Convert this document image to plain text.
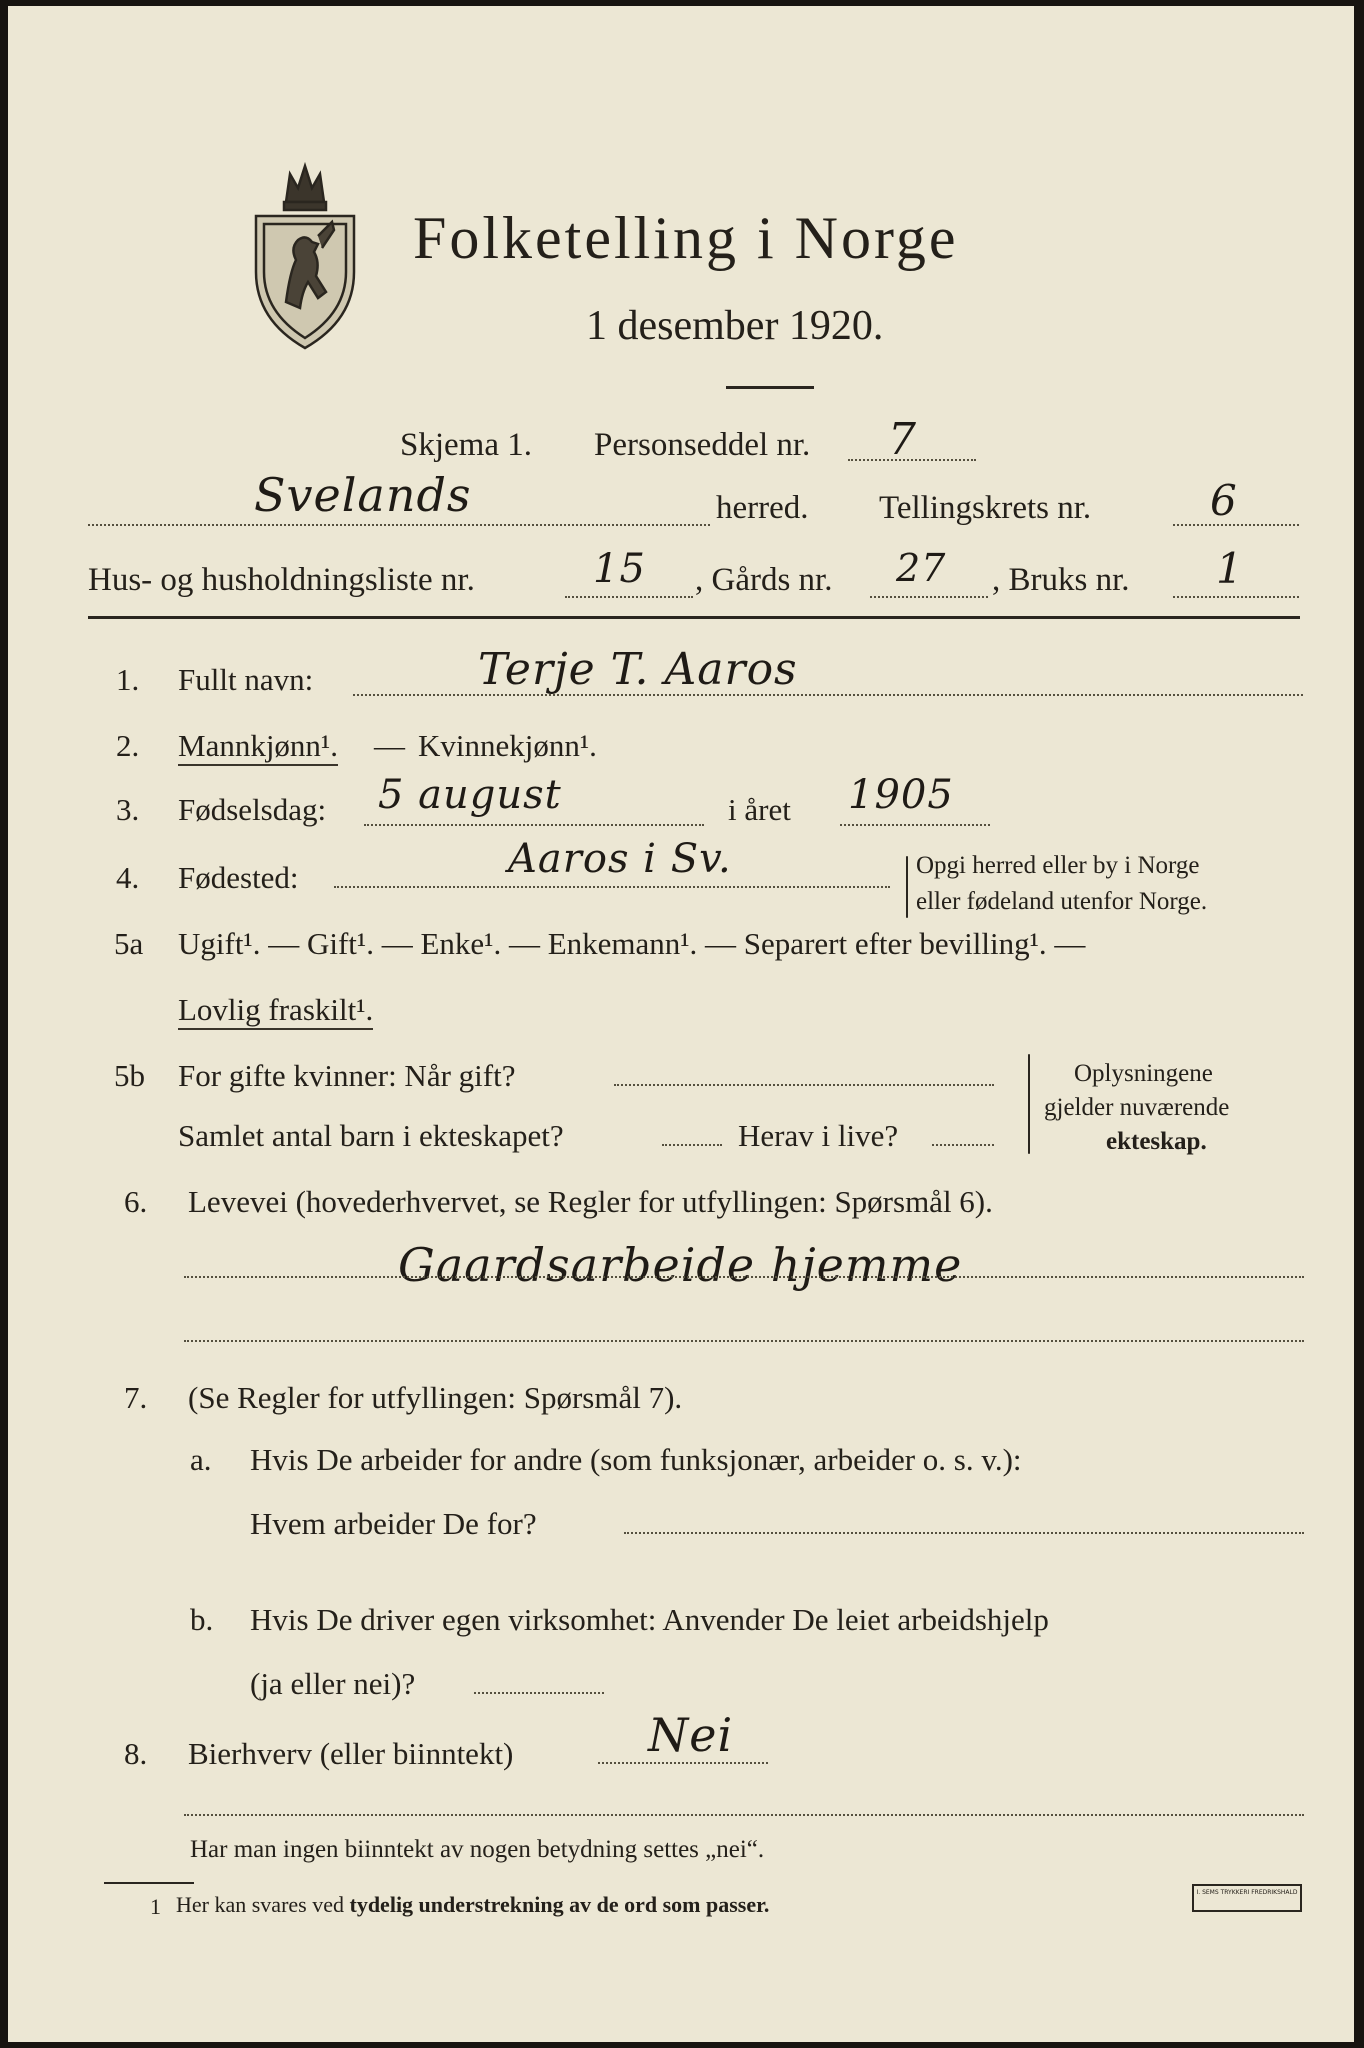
Folketelling i Norge
1 desember 1920.
Skjema 1. Personseddel nr. 7
Svelands	herred. Tellingskrets nr.	6
Hus- og husholdningsliste nr.	15 , Gårds nr. 27 , Bruks nr. 1
1. Fullt navn:	Terje T. Aaros
2. Mannkjønn¹. — Kvinnekjønn¹.
3. Fødselsdag: 5 august	i året 1905
4. Fødested:	Aaros i Sv.	Opgi herred eller by i Norge
eller fødeland utenfor Norge.
5a Ugift¹. — Gift¹. — Enke¹. — Enkemann¹. — Separert efter bevilling¹. —
Lovlig fraskilt¹.
5b For gifte kvinner: Når gift?
Samlet antal barn i ekteskapet?	Herav i live?
Oplysningene
gjelder nuværende
ekteskap.
6. Levevei (hovederhvervet, se Regler for utfyllingen: Spørsmål 6).
Gaardsarbeide hjemme
7. (Se Regler for utfyllingen: Spørsmål 7).
a. Hvis De arbeider for andre (som funksjonær, arbeider o. s. v.):
Hvem arbeider De for?
b. Hvis De driver egen virksomhet: Anvender De leiet arbeidshjelp
(ja eller nei)?
8. Bierhverv (eller biinntekt)	Nei
Har man ingen biinntekt av nogen betydning settes „nei“.
1 Her kan svares ved tydelig understrekning av de ord som passer.	I. SEMS TRYKKERI FREDRIKSHALD
